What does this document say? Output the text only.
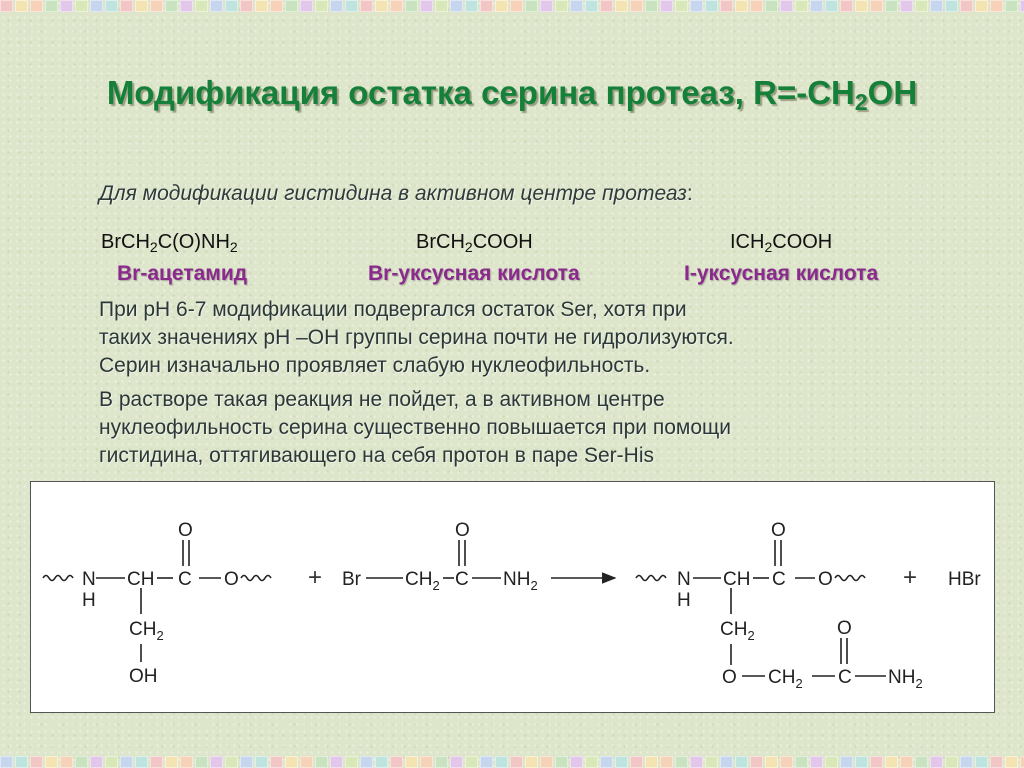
Модификация остатка серина протеаз, $R=-CH_2OH$
Для модификации гистидина в активном центре протеаз:
$BrCH_2C(O)NH_2$	BrCH$_2$COOH	$ICH_2COOH$
Br-ацетамид	Br-уксусная кислота	I-уксусная кислота
При pH 6-7 модификации подвергался остаток Ser, хотя при
таких значениях pH –OH группы серина почти не гидролизуются.
Серин изначально проявляет слабую нуклеофильность.
В растворе такая реакция не пойдет, а в активном центре
нуклеофильность серина существенно повышается при помощи
гистидина, оттягивающего на себя протон в паре Ser-His
N
H
CH C
O
O
$CH_2$
OH
+ Br $CH_2$ C
O
$NH_2$	N
H
CH C
O
O
$CH_2$
O $CH_2$ C
O
$NH_2$
+ HBr
